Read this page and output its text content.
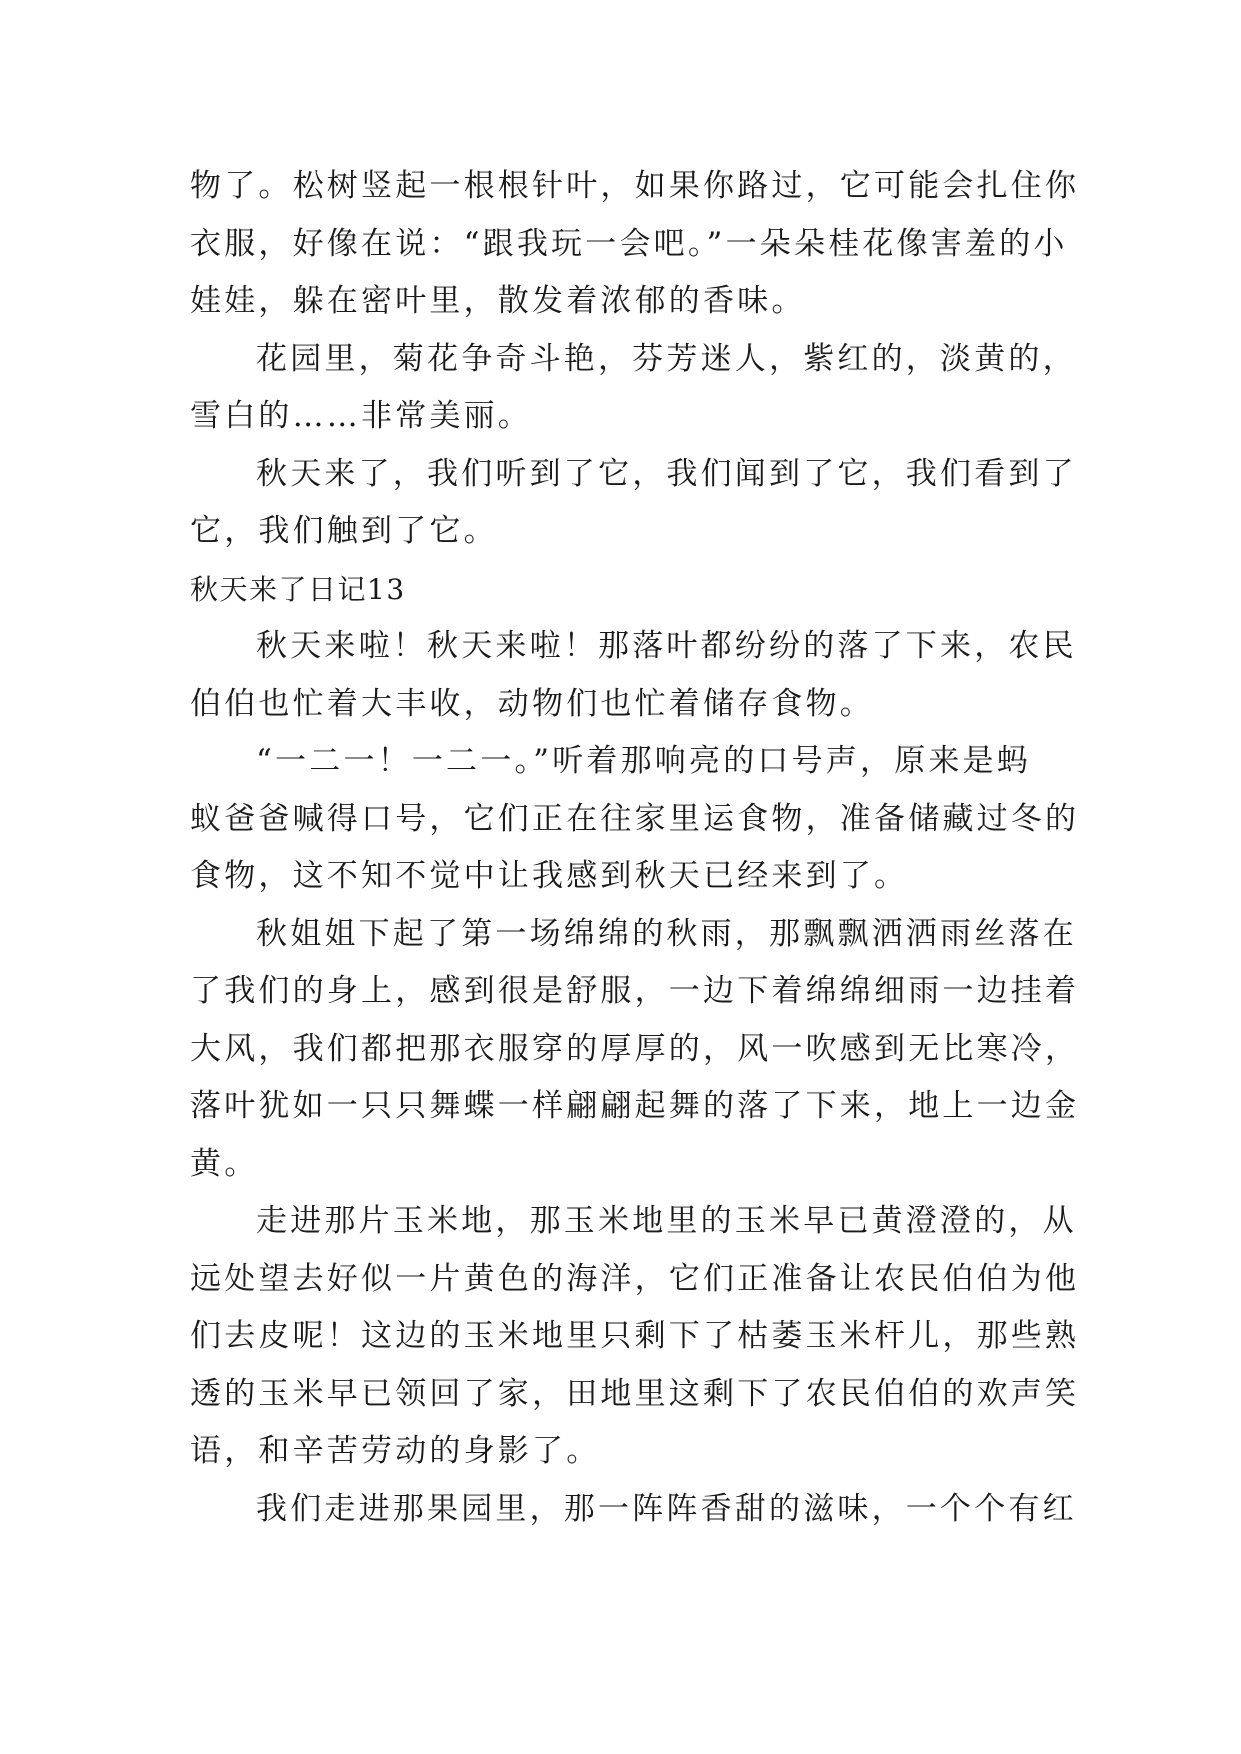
物了。松树竖起一根根针叶，如果你路过，它可能会扎住你
衣服，好像在说：“跟我玩一会吧。”一朵朵桂花像害羞的小
娃娃，躲在密叶里，散发着浓郁的香味。
花园里，菊花争奇斗艳，芬芳迷人，紫红的，淡黄的，
雪白的……非常美丽。
秋天来了，我们听到了它，我们闻到了它，我们看到了
它，我们触到了它。
秋天来了日记13
秋天来啦！秋天来啦！那落叶都纷纷的落了下来，农民
伯伯也忙着大丰收，动物们也忙着储存食物。
“一二一！一二一。”听着那响亮的口号声，原来是蚂
蚁爸爸喊得口号，它们正在往家里运食物，准备储藏过冬的
食物，这不知不觉中让我感到秋天已经来到了。
秋姐姐下起了第一场绵绵的秋雨，那飘飘洒洒雨丝落在
了我们的身上，感到很是舒服，一边下着绵绵细雨一边挂着
大风，我们都把那衣服穿的厚厚的，风一吹感到无比寒冷，
落叶犹如一只只舞蝶一样翩翩起舞的落了下来，地上一边金
黄。
走进那片玉米地，那玉米地里的玉米早已黄澄澄的，从
远处望去好似一片黄色的海洋，它们正准备让农民伯伯为他
们去皮呢！这边的玉米地里只剩下了枯萎玉米杆儿，那些熟
透的玉米早已领回了家，田地里这剩下了农民伯伯的欢声笑
语，和辛苦劳动的身影了。
我们走进那果园里，那一阵阵香甜的滋味，一个个有红
